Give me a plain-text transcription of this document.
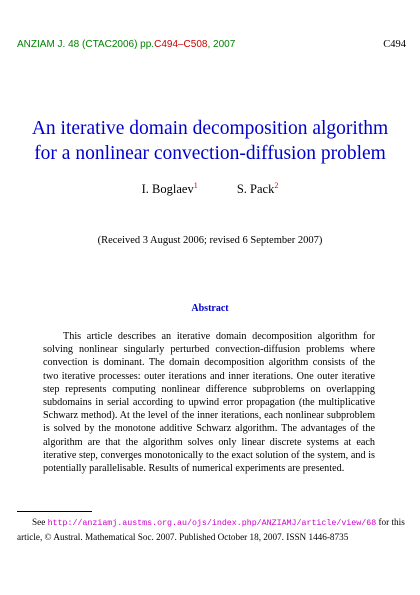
ANZIAM J. 48 (CTAC2006) pp.C494–C508, 2007	C494
An iterative domain decomposition algorithm
for a nonlinear convection-diffusion problem
I. Boglaev$^1$	S. Pack$^2$
(Received 3 August 2006; revised 6 September 2007)
Abstract
This article describes an iterative domain decomposition algorithm for solving nonlinear singularly perturbed convection-diffusion problems where convection is dominant. The domain decomposition algorithm consists of the two iterative processes: outer iterations and inner iterations. One outer iterative step represents computing nonlinear difference subproblems on overlapping subdomains in serial according to upwind error propagation (the multiplicative Schwarz method). At the level of the inner iterations, each nonlinear subproblem is solved by the monotone additive Schwarz algorithm. The advantages of the algorithm are that the algorithm solves only linear discrete systems at each iterative step, converges monotonically to the exact solution of the system, and is potentially parallelisable. Results of numerical experiments are presented.
See http://anziamj.austms.org.au/ojs/index.php/ANZIAMJ/article/view/68 for this article, © Austral. Mathematical Soc. 2007. Published October 18, 2007. ISSN 1446-8735
